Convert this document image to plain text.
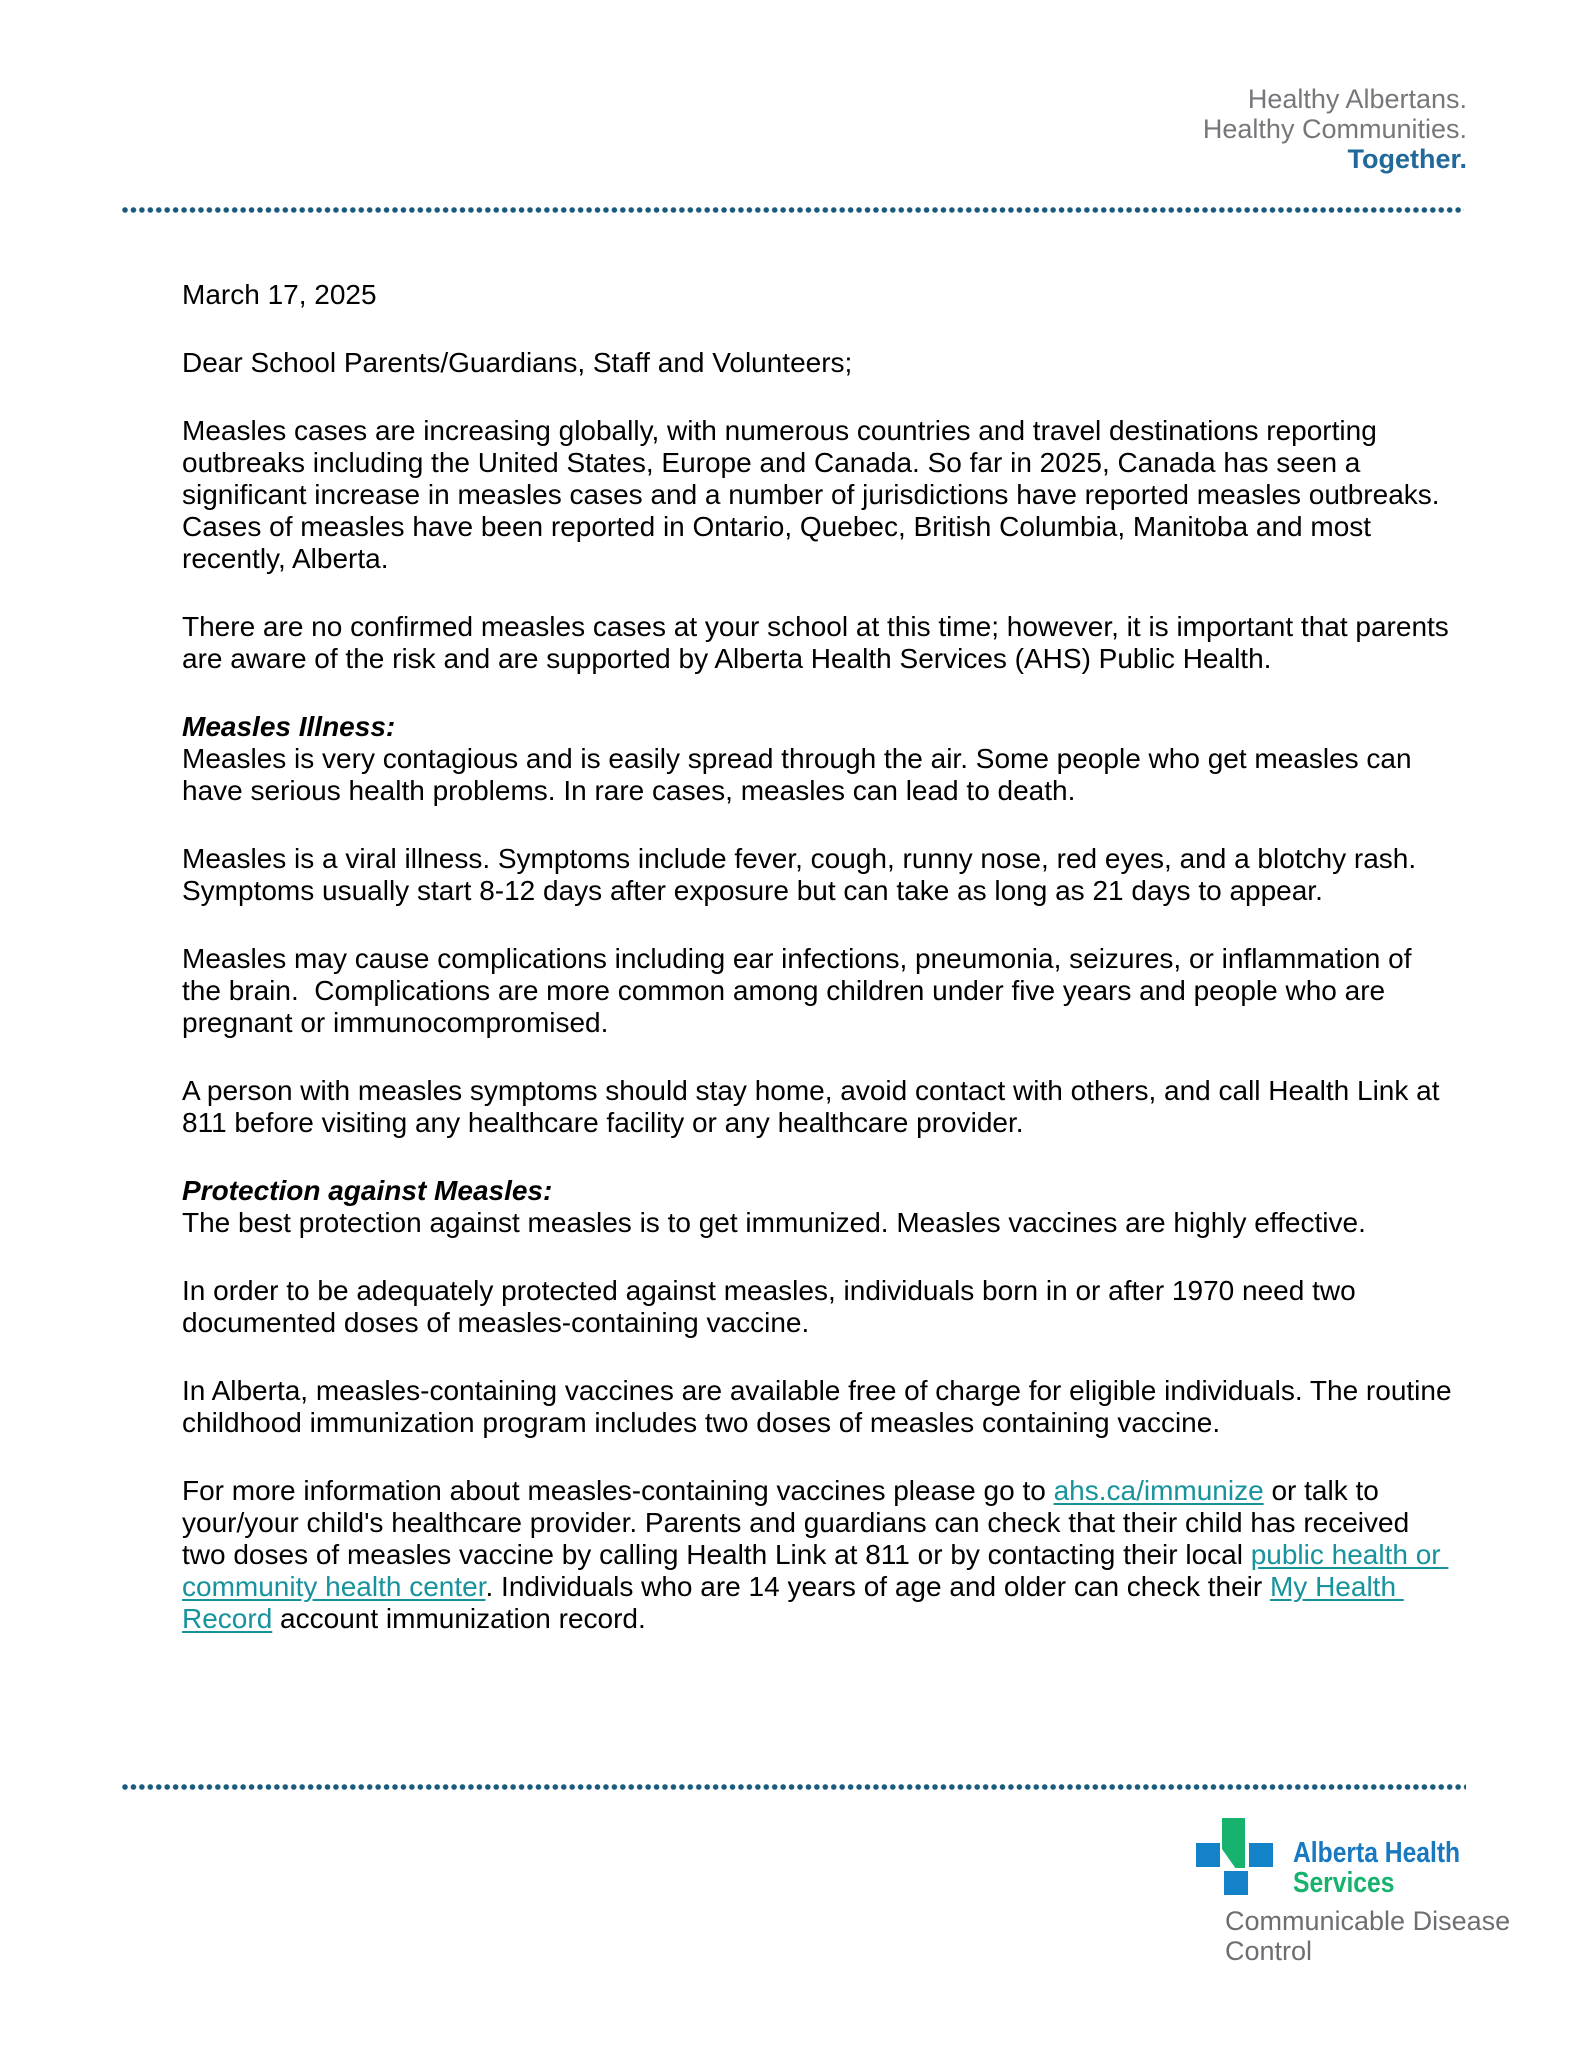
Healthy Albertans.
Healthy Communities.
Together.

March 17, 2025

Dear School Parents/Guardians, Staff and Volunteers;

Measles cases are increasing globally, with numerous countries and travel destinations reporting outbreaks including the United States, Europe and Canada. So far in 2025, Canada has seen a significant increase in measles cases and a number of jurisdictions have reported measles outbreaks. Cases of measles have been reported in Ontario, Quebec, British Columbia, Manitoba and most recently, Alberta.

There are no confirmed measles cases at your school at this time; however, it is important that parents are aware of the risk and are supported by Alberta Health Services (AHS) Public Health.

Measles Illness:

Measles is very contagious and is easily spread through the air. Some people who get measles can have serious health problems. In rare cases, measles can lead to death.

Measles is a viral illness. Symptoms include fever, cough, runny nose, red eyes, and a blotchy rash. Symptoms usually start 8-12 days after exposure but can take as long as 21 days to appear.

Measles may cause complications including ear infections, pneumonia, seizures, or inflammation of the brain.  Complications are more common among children under five years and people who are pregnant or immunocompromised.

A person with measles symptoms should stay home, avoid contact with others, and call Health Link at 811 before visiting any healthcare facility or any healthcare provider.

Protection against Measles:

The best protection against measles is to get immunized. Measles vaccines are highly effective.

In order to be adequately protected against measles, individuals born in or after 1970 need two documented doses of measles-containing vaccine.

In Alberta, measles-containing vaccines are available free of charge for eligible individuals. The routine childhood immunization program includes two doses of measles containing vaccine.

For more information about measles-containing vaccines please go to ahs.ca/immunize or talk to your/your child's healthcare provider. Parents and guardians can check that their child has received two doses of measles vaccine by calling Health Link at 811 or by contacting their local public health or community health center. Individuals who are 14 years of age and older can check their My Health Record account immunization record.

Alberta Health
Services
Communicable Disease
Control
